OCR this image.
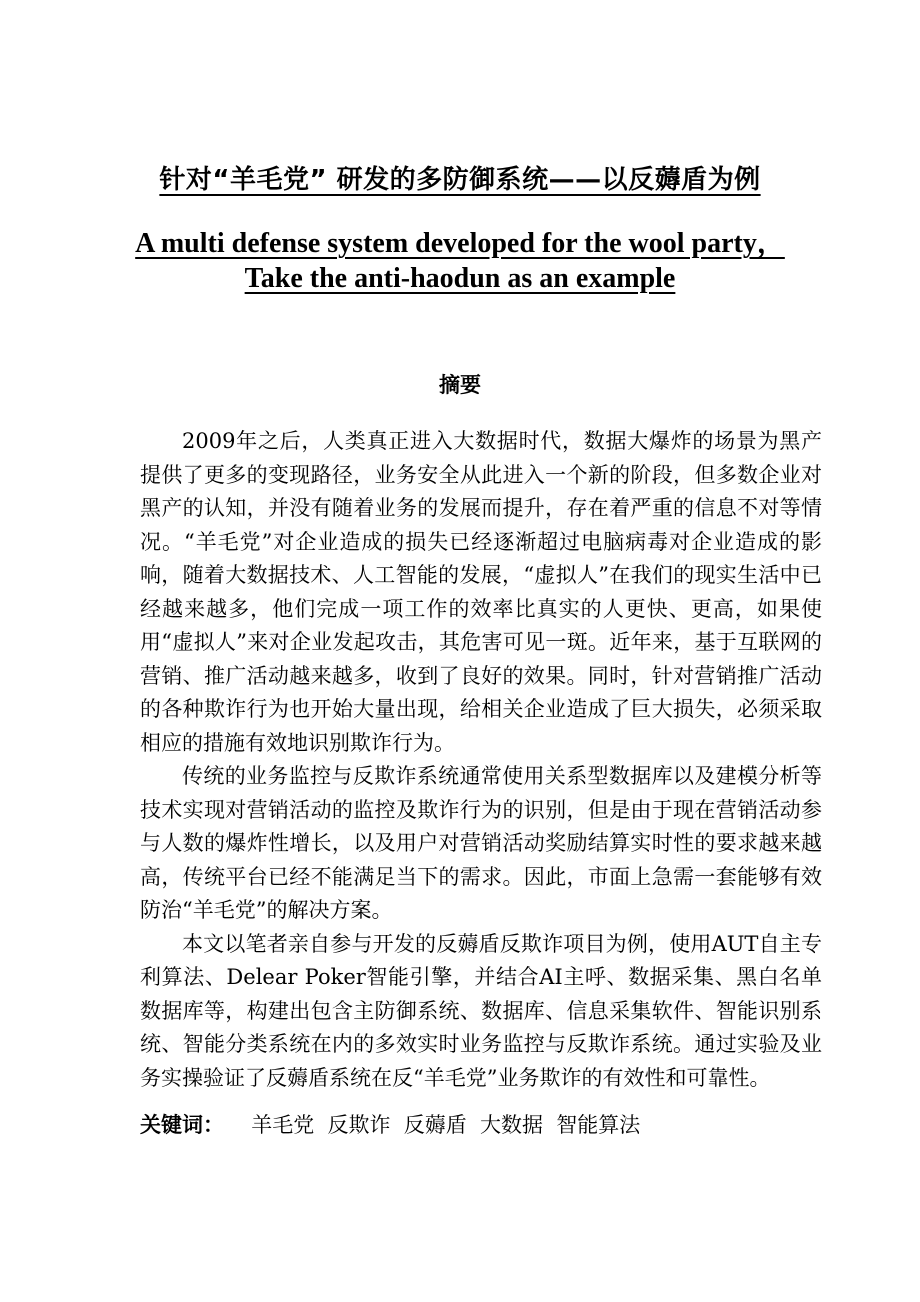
针对“羊毛党” 研发的多防御系统——以反薅盾为例
A multi defense system developed for the wool party，
Take the anti-haodun as an example
摘要

2009年之后，人类真正进入大数据时代，数据大爆炸的场景为黑产提供了更多的变现路径，业务安全从此进入一个新的阶段，但多数企业对黑产的认知，并没有随着业务的发展而提升，存在着严重的信息不对等情况。“羊毛党”对企业造成的损失已经逐渐超过电脑病毒对企业造成的影响，随着大数据技术、人工智能的发展，“虚拟人”在我们的现实生活中已经越来越多，他们完成一项工作的效率比真实的人更快、更高，如果使用“虚拟人”来对企业发起攻击，其危害可见一斑。近年来，基于互联网的营销、推广活动越来越多，收到了良好的效果。同时，针对营销推广活动的各种欺诈行为也开始大量出现，给相关企业造成了巨大损失，必须采取相应的措施有效地识别欺诈行为。

传统的业务监控与反欺诈系统通常使用关系型数据库以及建模分析等技术实现对营销活动的监控及欺诈行为的识别，但是由于现在营销活动参与人数的爆炸性增长，以及用户对营销活动奖励结算实时性的要求越来越高，传统平台已经不能满足当下的需求。因此，市面上急需一套能够有效防治“羊毛党”的解决方案。

本文以笔者亲自参与开发的反薅盾反欺诈项目为例，使用AUT自主专利算法、Delear Poker智能引擎，并结合AI主呼、数据采集、黑白名单数据库等，构建出包含主防御系统、数据库、信息采集软件、智能识别系统、智能分类系统在内的多效实时业务监控与反欺诈系统。通过实验及业务实操验证了反薅盾系统在反“羊毛党”业务欺诈的有效性和可靠性。

关键词： 羊毛党 反欺诈 反薅盾 大数据 智能算法
